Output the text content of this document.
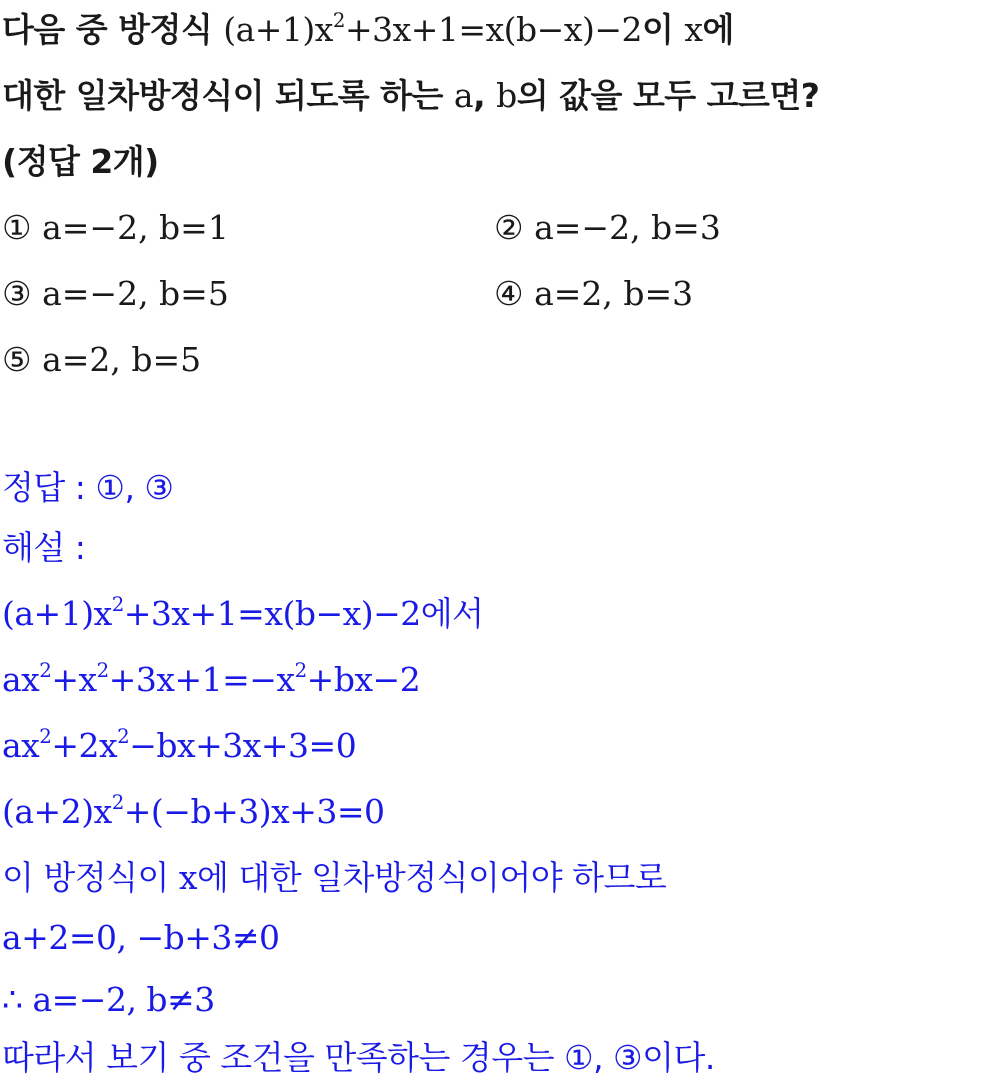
다음 중 방정식 $(a+1)x^2+3x+1=x(b-x)-2$이 x에
대한 일차방정식이 되도록 하는 a, b의 값을 모두 고르면?
(정답 2개)
① a=−2, b=1	② a=−2, b=3
③ a=−2, b=5	④ a=2, b=3
⑤ a=2, b=5
정답 : ①, ③
해설 :
$(a+1)x^2+3x+1=x(b-x)-2$에서
$ax^2+x^2+3x+1=-x^2+bx-2$
$ax^2+2x^2-bx+3x+3=0$
$(a+2)x^2+(-b+3)x+3=0$
이 방정식이 x에 대한 일차방정식이어야 하므로
a+2=0, −b+3≠0
∴ a=−2, b≠3
따라서 보기 중 조건을 만족하는 경우는 ①, ③이다.
